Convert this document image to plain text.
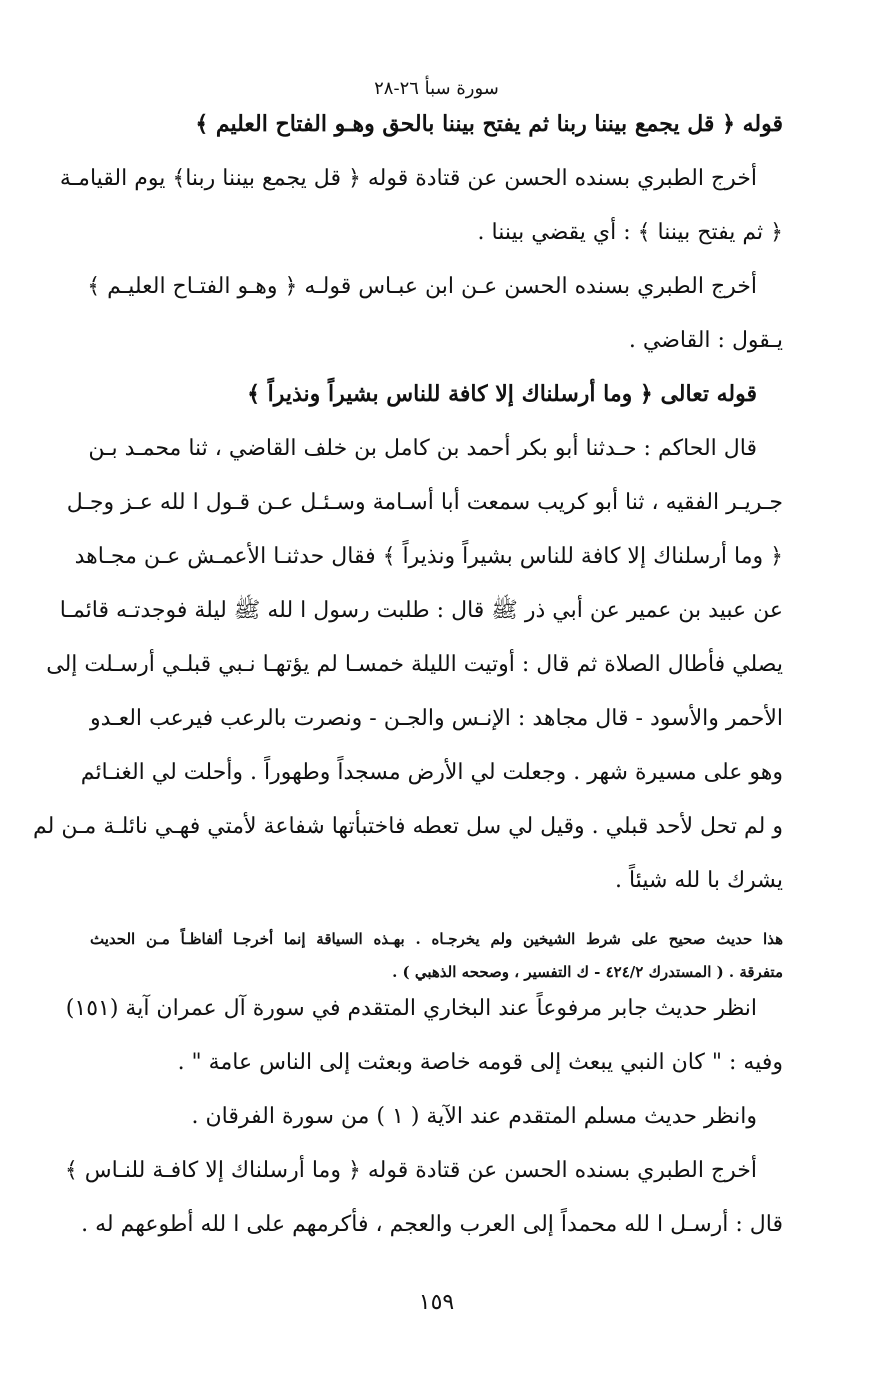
سورة سبأ ٢٦-٢٨
قوله ﴿ قل يجمع بيننا ربنا ثم يفتح بيننا بالحق وهـو الفتاح العليم ﴾
أخرج الطبري بسنده الحسن عن قتادة قوله ﴿ قل يجمع بيننا ربنا﴾ يوم القيامـة
﴿ ثم يفتح بيننا ﴾ : أي يقضي بيننا .
أخرج الطبري بسنده الحسن عـن ابن عبـاس قولـه ﴿ وهـو الفتـاح العليـم ﴾
يـقول : القاضي .
قوله تعالى ﴿ وما أرسلناك إلا كافة للناس بشيراً ونذيراً ﴾
قال الحاكم : حـدثنا أبو بكر أحمد بن كامل بن خلف القاضي ، ثنا محمـد بـن
جـريـر الفقيه ، ثنا أبو كريب سمعت أبا أسـامة وسـئـل عـن قـول ا لله عـز وجـل
﴿ وما أرسلناك إلا كافة للناس بشيراً ونذيراً ﴾ فقال حدثنـا الأعمـش عـن مجـاهد
عن عبيد بن عمير عن أبي ذر ﷺ قال : طلبت رسول ا لله ﷺ ليلة فوجدتـه قائمـا
يصلي فأطال الصلاة ثم قال : أوتيت الليلة خمسـا لم يؤتهـا نـبي قبلـي أرسـلت إلى
الأحمر والأسود - قال مجاهد : الإنـس والجـن - ونصرت بالرعب فيرعب العـدو
وهو على مسيرة شهر . وجعلت لي الأرض مسجداً وطهوراً . وأحلت لي الغنـائم
و لم تحل لأحد قبلي . وقيل لي سل تعطه فاختبأتها شفاعة لأمتي فهـي نائلـة مـن لم
يشرك با لله شيئاً .
هذا حديث صحيح على شرط الشيخين ولم يخرجـاه . بهـذه السياقة إنما أخرجـا ألفاظـاً مـن الحديث
متفرقة . ( المستدرك ٤٢٤/٢ - ك التفسير ، وصححه الذهبي ) .
انظر حديث جابر مرفوعاً عند البخاري المتقدم في سورة آل عمران آية (١٥١)
وفيه : " كان النبي يبعث إلى قومه خاصة وبعثت إلى الناس عامة " .
وانظر حديث مسلم المتقدم عند الآية ( ١ ) من سورة الفرقان .
أخرج الطبري بسنده الحسن عن قتادة قوله ﴿ وما أرسلناك إلا كافـة للنـاس ﴾
قال : أرسـل ا لله محمداً إلى العرب والعجم ، فأكرمهم على ا لله أطوعهم له .
١٥٩
